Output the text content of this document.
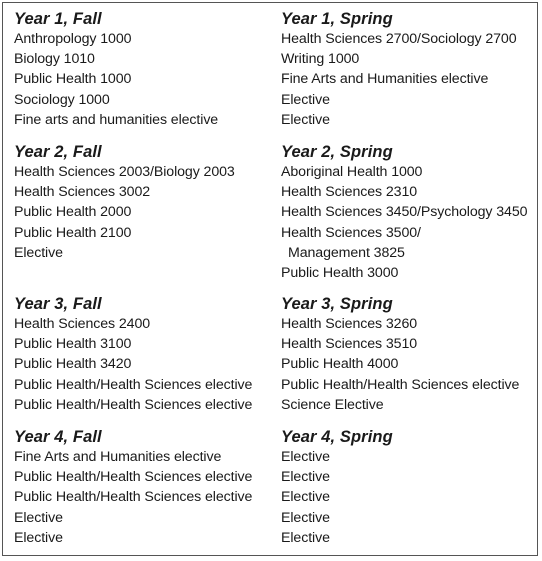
Year 1, Fall
Anthropology 1000
Biology 1010
Public Health 1000
Sociology 1000
Fine arts and humanities elective
Year 1, Spring
Health Sciences 2700/Sociology 2700
Writing 1000
Fine Arts and Humanities elective
Elective
Elective
Year 2, Fall
Health Sciences 2003/Biology 2003
Health Sciences 3002
Public Health 2000
Public Health 2100
Elective
Year 2, Spring
Aboriginal Health 1000
Health Sciences 2310
Health Sciences 3450/Psychology 3450
Health Sciences 3500/
Management 3825
Public Health 3000
Year 3, Fall
Health Sciences 2400
Public Health 3100
Public Health 3420
Public Health/Health Sciences elective
Public Health/Health Sciences elective
Year 3, Spring
Health Sciences 3260
Health Sciences 3510
Public Health 4000
Public Health/Health Sciences elective
Science Elective
Year 4, Fall
Fine Arts and Humanities elective
Public Health/Health Sciences elective
Public Health/Health Sciences elective
Elective
Elective
Year 4, Spring
Elective
Elective
Elective
Elective
Elective
